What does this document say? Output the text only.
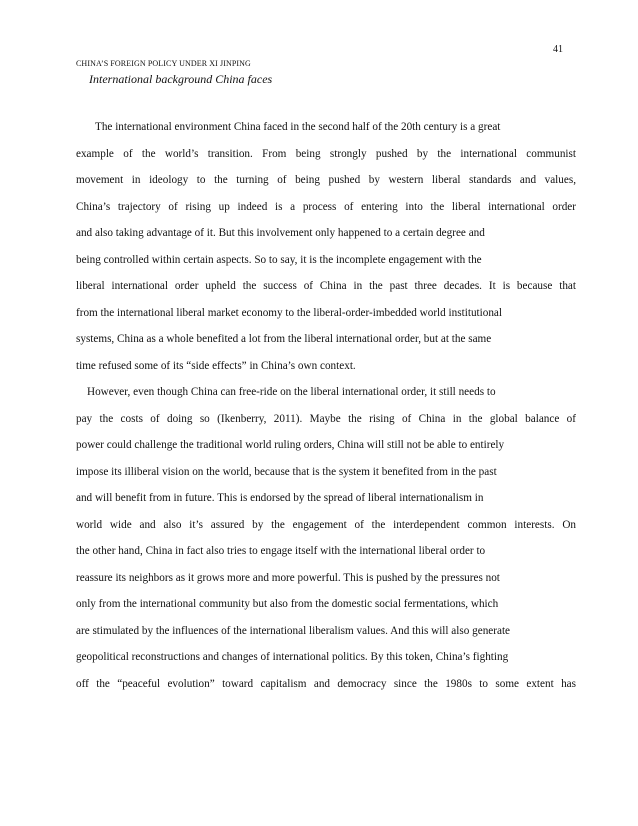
41
CHINA’S FOREIGN POLICY UNDER XI JINPING
International background China faces
The international environment China faced in the second half of the 20th century is a great
example of the world’s transition. From being strongly pushed by the international communist
movement in ideology to the turning of being pushed by western liberal standards and values,
China’s trajectory of rising up indeed is a process of entering into the liberal international order
and also taking advantage of it. But this involvement only happened to a certain degree and
being controlled within certain aspects. So to say, it is the incomplete engagement with the
liberal international order upheld the success of China in the past three decades. It is because that
from the international liberal market economy to the liberal-order-imbedded world institutional
systems, China as a whole benefited a lot from the liberal international order, but at the same
time refused some of its “side effects” in China’s own context.
However, even though China can free-ride on the liberal international order, it still needs to
pay the costs of doing so (Ikenberry, 2011). Maybe the rising of China in the global balance of
power could challenge the traditional world ruling orders, China will still not be able to entirely
impose its illiberal vision on the world, because that is the system it benefited from in the past
and will benefit from in future. This is endorsed by the spread of liberal internationalism in
world wide and also it’s assured by the engagement of the interdependent common interests. On
the other hand, China in fact also tries to engage itself with the international liberal order to
reassure its neighbors as it grows more and more powerful. This is pushed by the pressures not
only from the international community but also from the domestic social fermentations, which
are stimulated by the influences of the international liberalism values. And this will also generate
geopolitical reconstructions and changes of international politics. By this token, China’s fighting
off the “peaceful evolution” toward capitalism and democracy since the 1980s to some extent has
